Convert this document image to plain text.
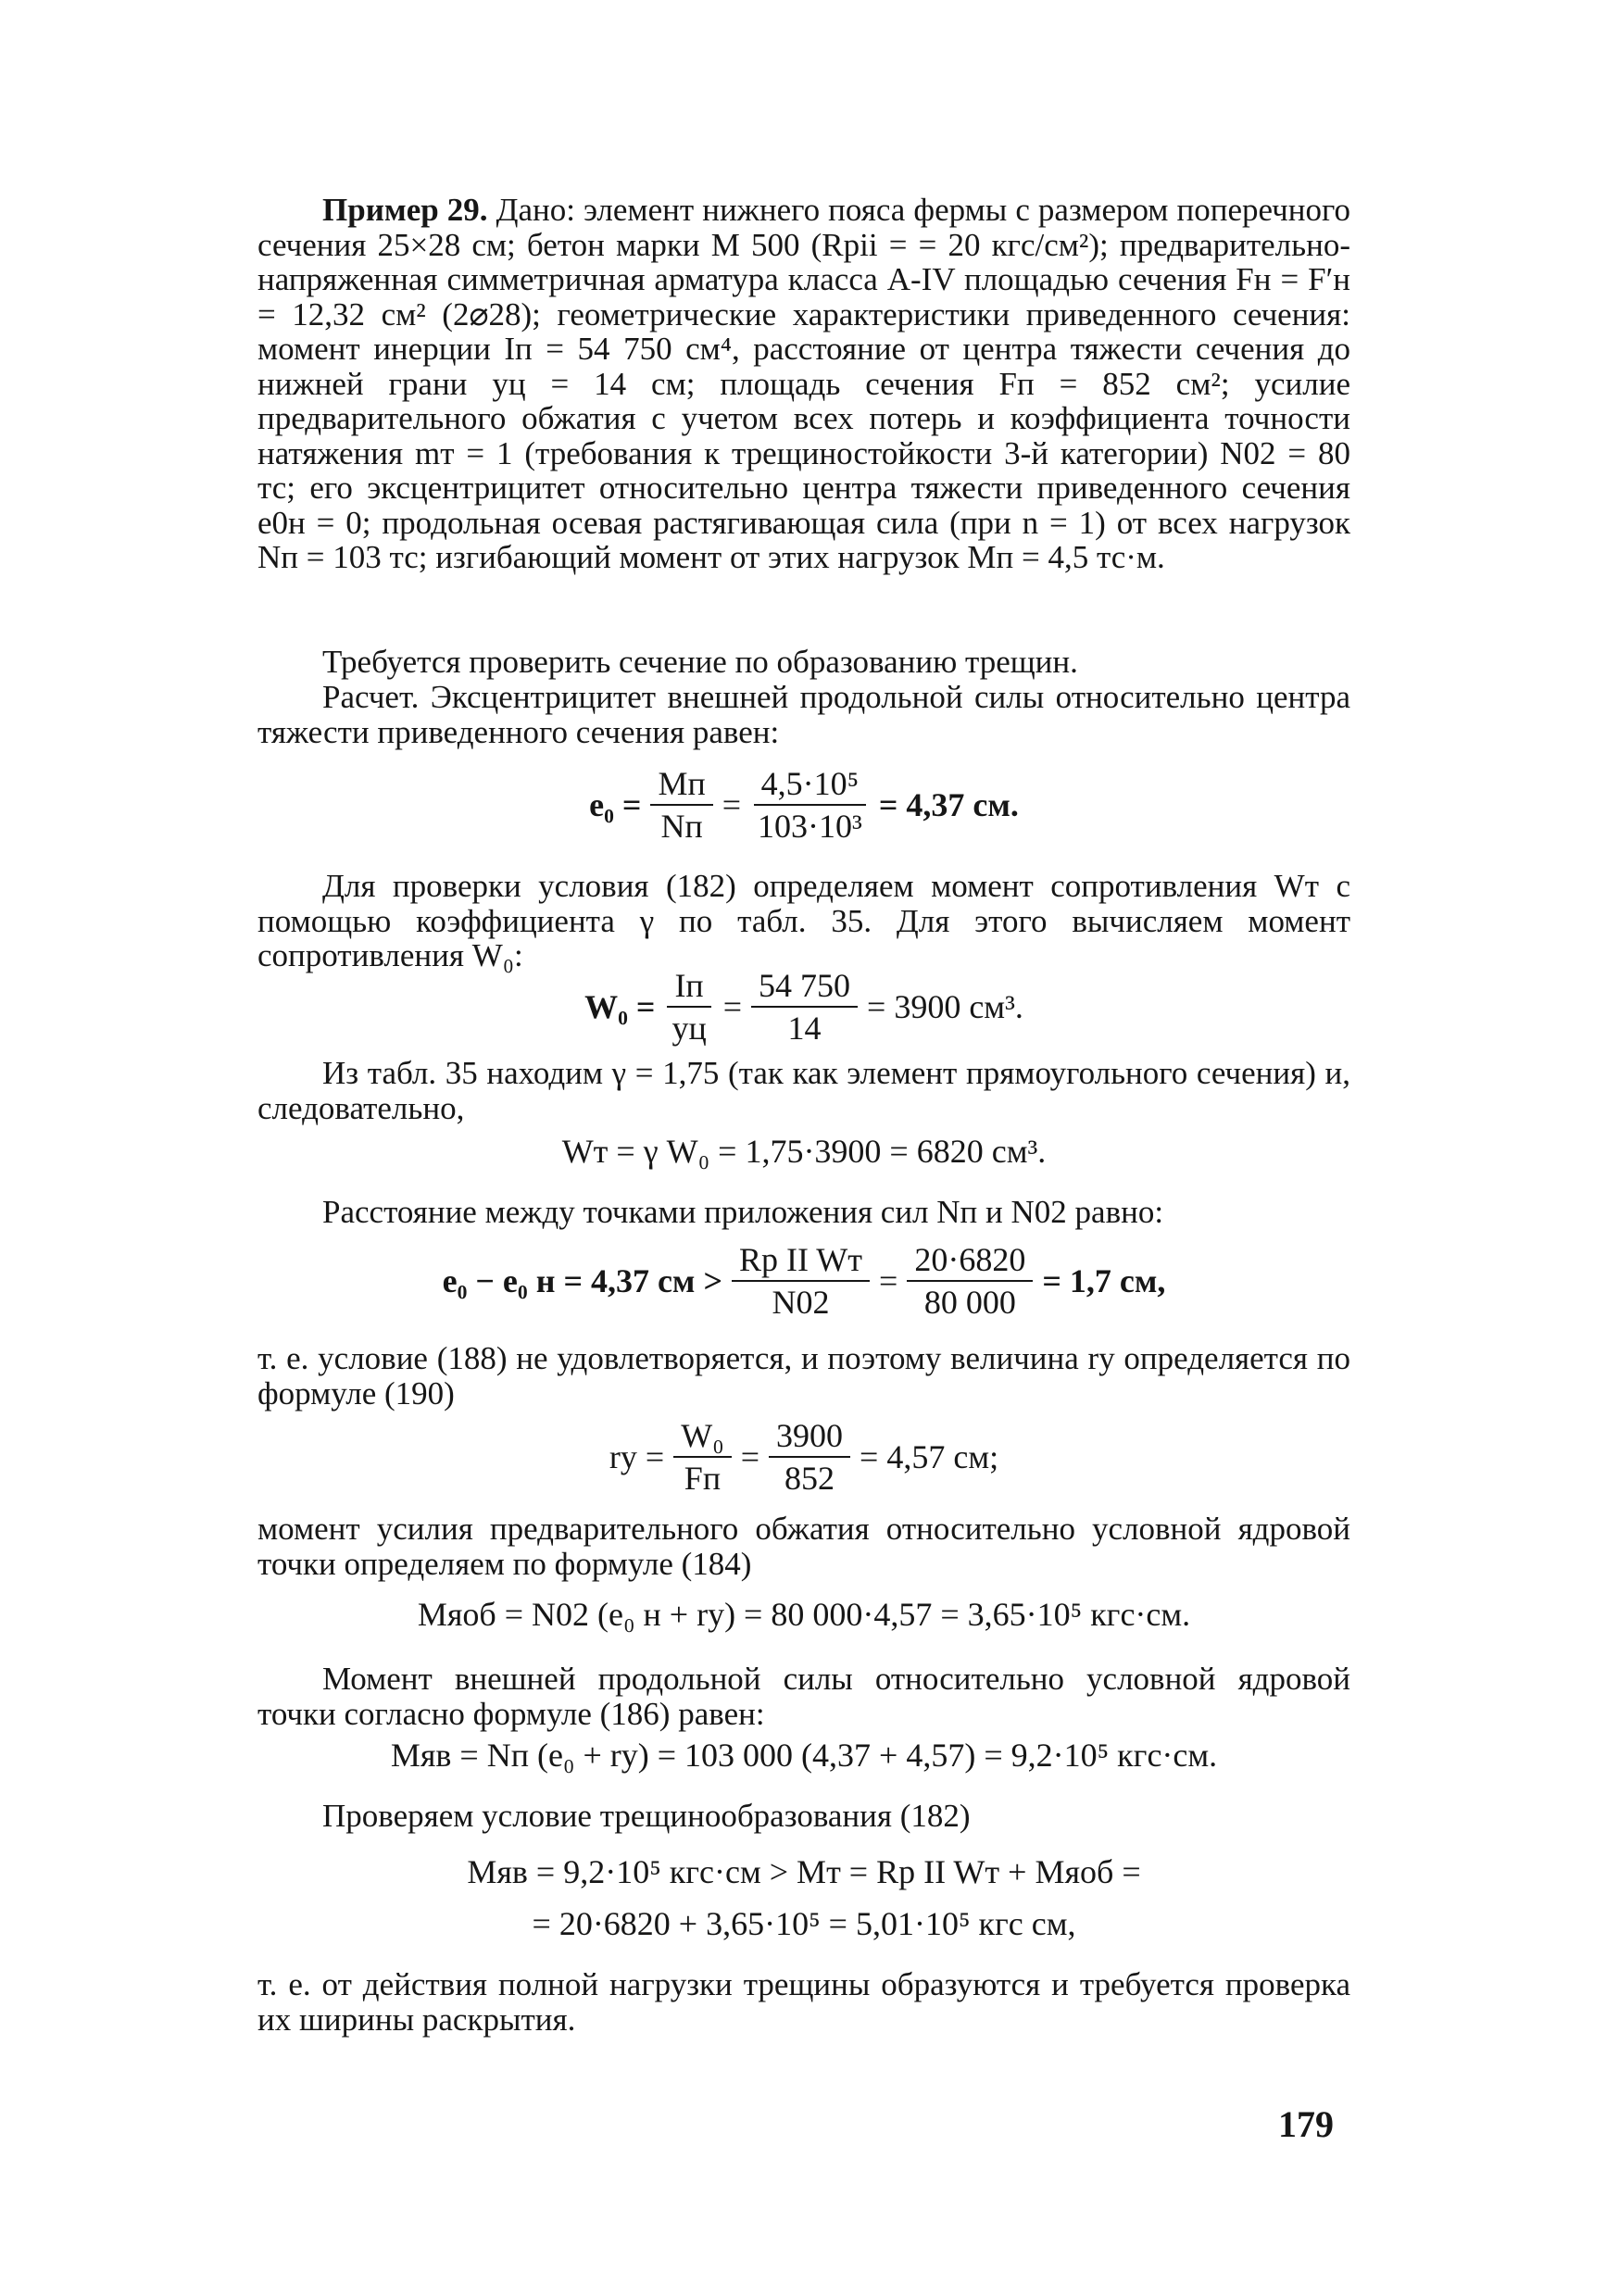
Пример 29. Дано: элемент нижнего пояса фермы с размером поперечного сечения 25×28 см; бетон марки М 500 (Rpii = = 20 кгс/см²); предварительно-напряженная симметричная арматура класса A-IV площадью сечения Fн = F′н = 12,32 см² (2⌀28); геометрические характеристики приведенного сечения: момент инерции Iп = 54 750 см⁴, расстояние от центра тяжести сечения до нижней грани yц = 14 см; площадь сечения Fп = 852 см²; усилие предварительного обжатия с учетом всех потерь и коэффициента точности натяжения mт = 1 (требования к трещиностойкости 3-й категории) N02 = 80 тс; его эксцентрицитет относительно центра тяжести приведенного сечения e0н = 0; продольная осевая растягивающая сила (при n = 1) от всех нагрузок Nп = 103 тс; изгибающий момент от этих нагрузок Mп = 4,5 тс·м.

Требуется проверить сечение по образованию трещин.

Расчет. Эксцентрицитет внешней продольной силы относительно центра тяжести приведенного сечения равен:

$e_0 = \frac{Mп}{Nп} = \frac{\text{4,5·10⁵}}{\text{103·10³}} = 4,37$ см.

Для проверки условия (182) определяем момент сопротивления Wт с помощью коэффициента γ по табл. 35. Для этого вычисляем момент сопротивления W₀:

$W_0 = \frac{Iп}{yц} = \frac{54 750}{14} = 3900$ см³.

Из табл. 35 находим γ = 1,75 (так как элемент прямоугольного сечения) и, следовательно,

Wт = γ W₀ = 1,75·3900 = 6820 см³.

Расстояние между точками приложения сил Nп и N02 равно:

e₀ − e₀ н = 4,37 см > $\frac{\text{Rp II Wт}}{N02} = \frac{20\cdot 6820}{80 000} = 1,7$ см,

т. е. условие (188) не удовлетворяется, и поэтому величина rу определяется по формуле (190)

rу = $\frac{\text{W₀}}{Fп} = \frac{3900}{852} = 4,57$ см;

момент усилия предварительного обжатия относительно условной ядровой точки определяем по формуле (184)

Mяоб = N02 (e₀ н + rу) = 80 000·4,57 = 3,65·10⁵ кгс·см.

Момент внешней продольной силы относительно условной ядровой точки согласно формуле (186) равен:

Mяв = Nп (e₀ + rу) = 103 000 (4,37 + 4,57) = 9,2·10⁵ кгс·см.

Проверяем условие трещинообразования (182)

Mяв = 9,2·10⁵ кгс·см > Mт = Rp II Wт + Mяоб =
= 20·6820 + 3,65·10⁵ = 5,01·10⁵ кгс см,

т. е. от действия полной нагрузки трещины образуются и требуется проверка их ширины раскрытия.

179
